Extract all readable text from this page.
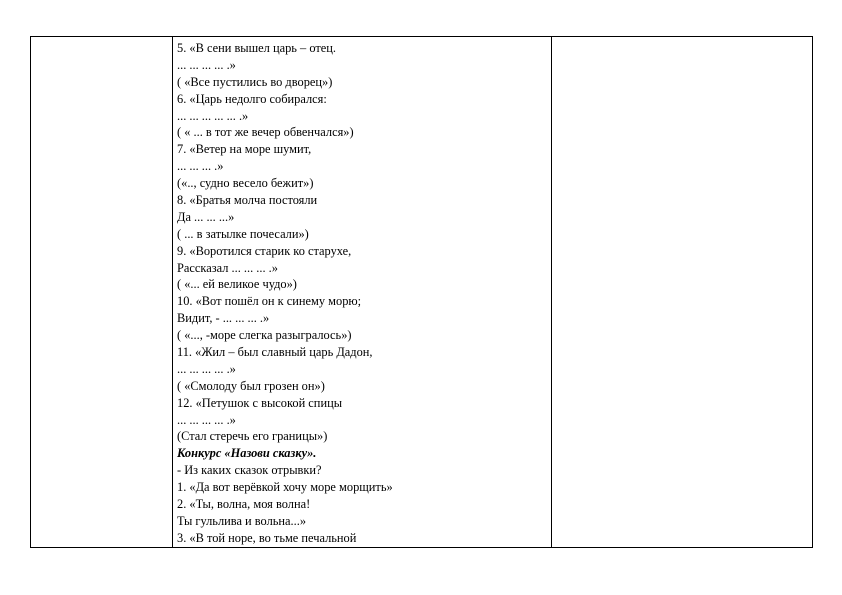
5. «В сени вышел царь – отец.
... ... ... ... .»
( «Все пустились во дворец»)
6. «Царь недолго собирался:
... ... ... ... ... .»
( « ... в тот же вечер обвенчался»)
7. «Ветер на море шумит,
... ... ... .»
(«.., судно весело бежит»)
8. «Братья молча постояли
Да ... ... ...»
( ... в затылке почесали»)
9. «Воротился старик ко старухе,
Рассказал ... ... ... .»
( «... ей великое чудо»)
10. «Вот пошёл он к синему морю;
Видит, - ... ... ... .»
( «..., -море слегка разыгралось»)
11. «Жил – был славный царь Дадон,
... ... ... ... .»
( «Смолоду был грозен он»)
12. «Петушок с высокой спицы
... ... ... ... .»
(Стал стеречь его границы»)
Конкурс «Назови сказку».
- Из каких сказок отрывки?
1. «Да вот верёвкой хочу море морщить»
2. «Ты, волна, моя волна!
Ты гульлива и вольна...»
3. «В той норе, во тьме печальной
